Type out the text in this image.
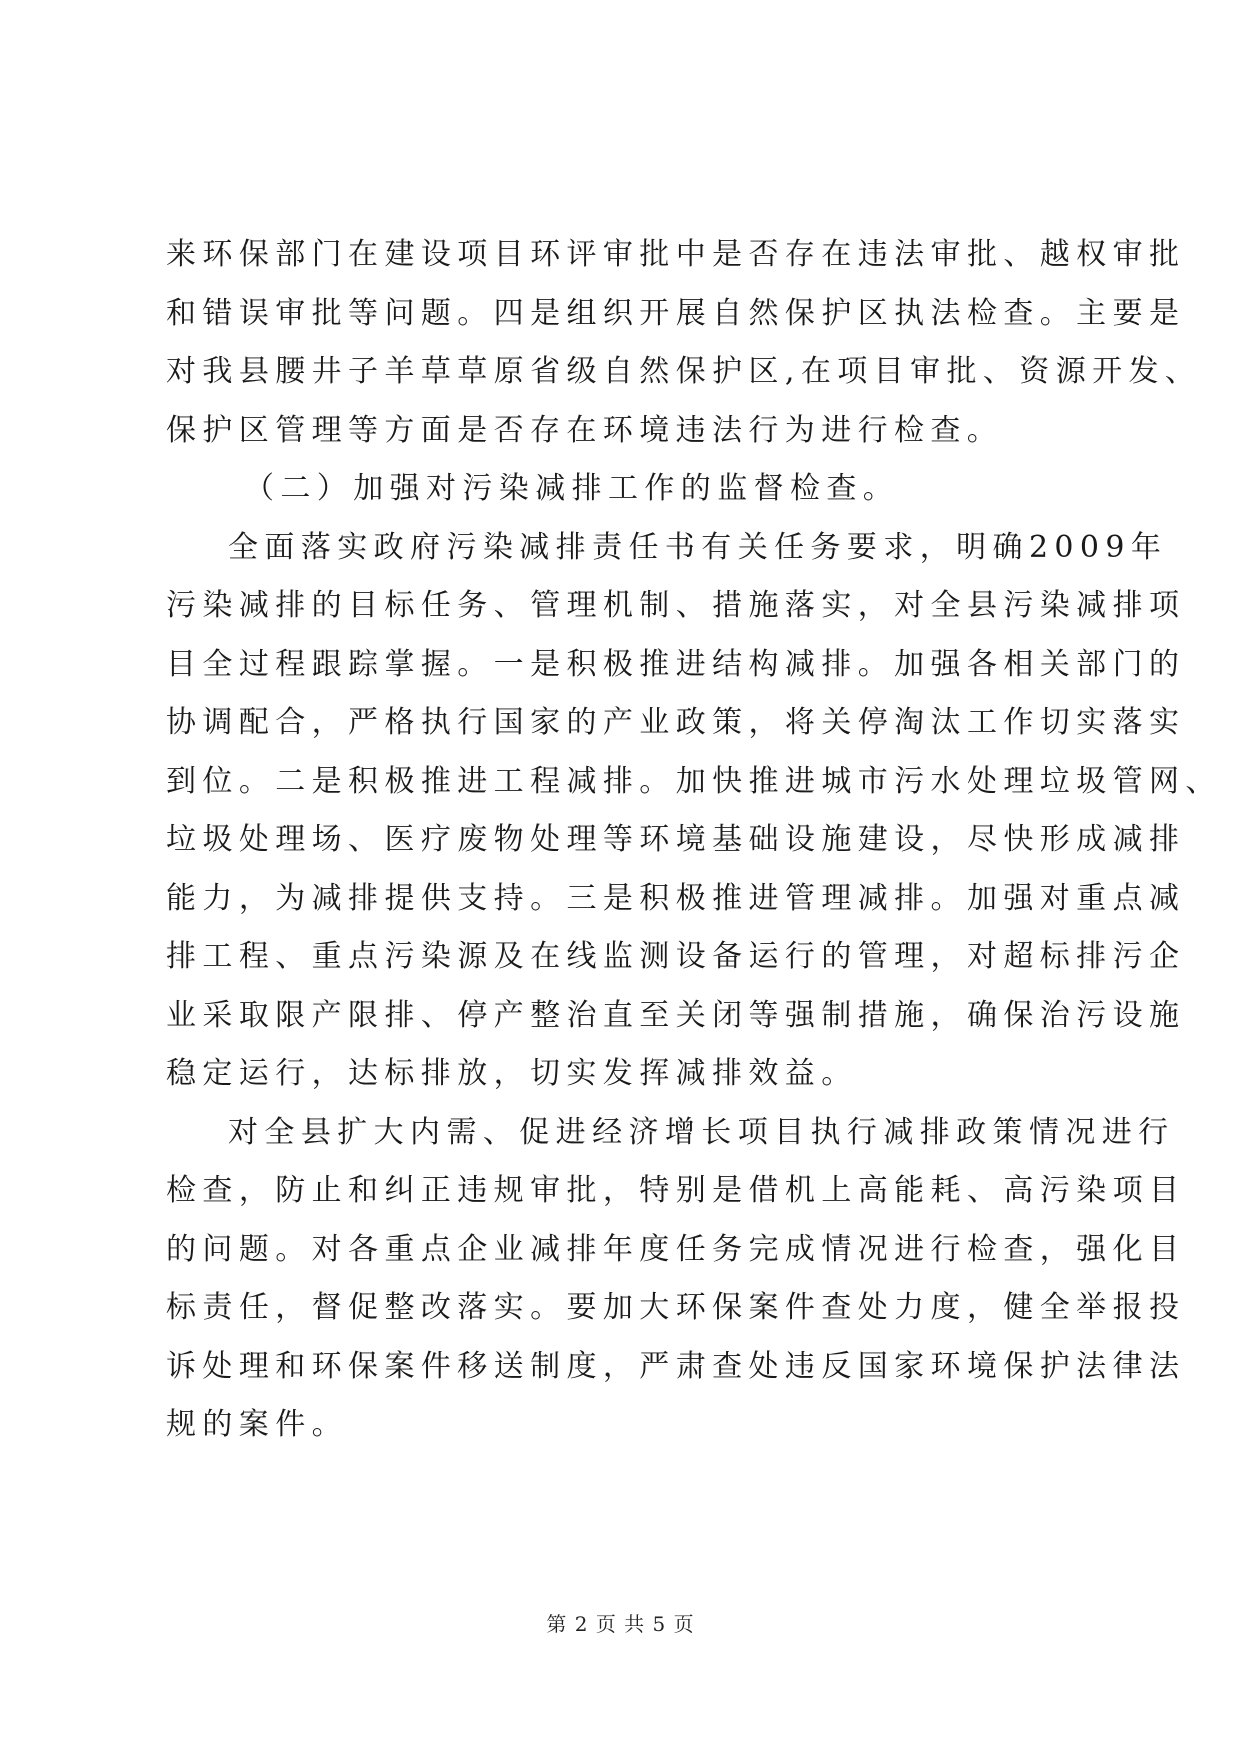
来 环 保 部 门 在 建 设 项 目 环 评 审 批 中 是 否 存 在 违 法 审 批 、 越 权 审 批
和 错 误 审 批 等 问 题 。 四 是 组 织 开 展 自 然 保 护 区 执 法 检 查 。 主 要 是
对 我 县 腰 井 子 羊 草 草 原 省 级 自 然 保 护 区 , 在 项 目 审 批 、 资 源 开 发 、
保护区管理等方面是否存在环境违法行为进行检查。
（二）加强对污染减排工作的监督检查。
全 面 落 实 政 府 污 染 减 排 责 任 书 有 关 任 务 要 求 ， 明 确 2009 年
污 染 减 排 的 目 标 任 务 、 管 理 机 制 、 措 施 落 实 ， 对 全 县 污 染 减 排 项
目 全 过 程 跟 踪 掌 握 。 一 是 积 极 推 进 结 构 减 排 。 加 强 各 相 关 部 门 的
协 调 配 合 ， 严 格 执 行 国 家 的 产 业 政 策 ， 将 关 停 淘 汰 工 作 切 实 落 实
到 位 。 二 是 积 极 推 进 工 程 减 排 。 加 快 推 进 城 市 污 水 处 理 垃 圾 管 网 、
垃 圾 处 理 场 、 医 疗 废 物 处 理 等 环 境 基 础 设 施 建 设 ， 尽 快 形 成 减 排
能 力 ， 为 减 排 提 供 支 持 。 三 是 积 极 推 进 管 理 减 排 。 加 强 对 重 点 减
排 工 程 、 重 点 污 染 源 及 在 线 监 测 设 备 运 行 的 管 理 ， 对 超 标 排 污 企
业 采 取 限 产 限 排 、 停 产 整 治 直 至 关 闭 等 强 制 措 施 ， 确 保 治 污 设 施
稳定运行，达标排放，切实发挥减排效益。
对 全 县 扩 大 内 需 、 促 进 经 济 增 长 项 目 执 行 减 排 政 策 情 况 进 行
检 查 ， 防 止 和 纠 正 违 规 审 批 ， 特 别 是 借 机 上 高 能 耗 、 高 污 染 项 目
的 问 题 。 对 各 重 点 企 业 减 排 年 度 任 务 完 成 情 况 进 行 检 查 ， 强 化 目
标 责 任 ， 督 促 整 改 落 实 。 要 加 大 环 保 案 件 查 处 力 度 ， 健 全 举 报 投
诉 处 理 和 环 保 案 件 移 送 制 度 ， 严 肃 查 处 违 反 国 家 环 境 保 护 法 律 法
规的案件。
第 2 页 共 5 页
